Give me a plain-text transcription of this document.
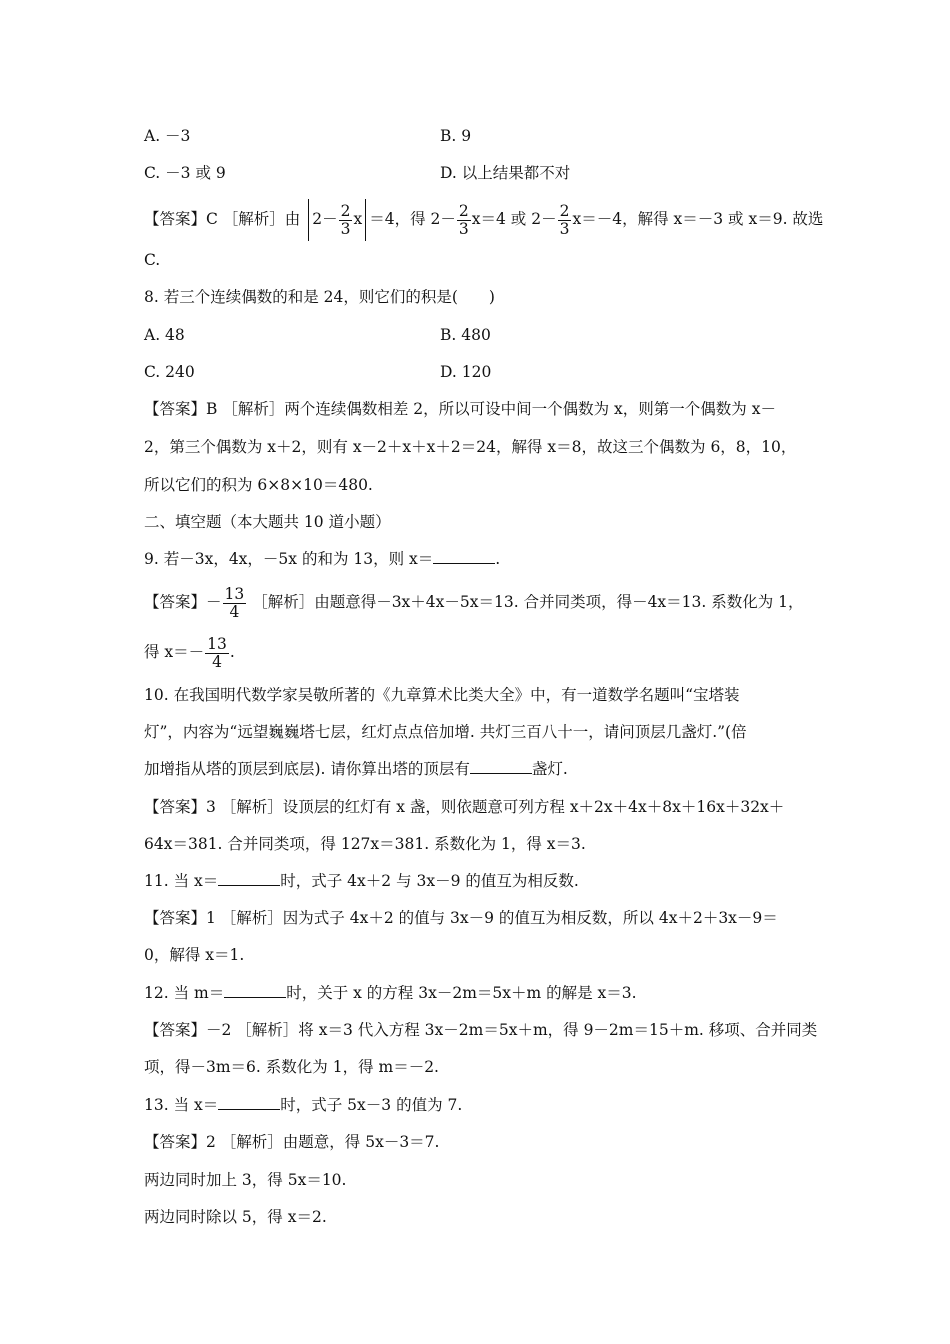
A. －3	B. 9
C. －3 或 9	D. 以上结果都不对
【答案】C ［解析］由 $2- \frac{2}{3}$ x ＝4，得 $2- \frac{2}{3} x=4$ 或 $2- \frac{2}{3} x=-4$，解得 x＝－3 或 x＝9. 故选
C.
8. 若三个连续偶数的和是 24，则它们的积是(　　)
A. 48	B. 480
C. 240	D. 120
【答案】B ［解析］两个连续偶数相差 2，所以可设中间一个偶数为 x，则第一个偶数为 x－
2，第三个偶数为 x＋2，则有 x－2＋x＋x＋2＝24，解得 x＝8，故这三个偶数为 6，8，10，
所以它们的积为 6×8×10＝480.
二、填空题（本大题共 10 道小题）
9. 若－3x，4x，－5x 的和为 13，则 x＝	.
【答案】－ $\frac{13}{4}$ ［解析］由题意得－3x＋4x－5x＝13. 合并同类项，得－4x＝13. 系数化为 1，
得 $x=- \frac{13}{4}$ .
10. 在我国明代数学家吴敬所著的《九章算术比类大全》中，有一道数学名题叫“宝塔装
灯”，内容为“远望巍巍塔七层，红灯点点倍加增. 共灯三百八十一，请问顶层几盏灯.”(倍
加增指从塔的顶层到底层). 请你算出塔的顶层有	盏灯.
【答案】3 ［解析］设顶层的红灯有 x 盏，则依题意可列方程 x＋2x＋4x＋8x＋16x＋32x＋
64x＝381. 合并同类项，得 127x＝381. 系数化为 1，得 x＝3.
11. 当 x＝	时，式子 4x＋2 与 3x－9 的值互为相反数.
【答案】1 ［解析］因为式子 4x＋2 的值与 3x－9 的值互为相反数，所以 4x＋2＋3x－9＝
0，解得 x＝1.
12. 当 m＝	时，关于 x 的方程 3x－2m＝5x＋m 的解是 x＝3.
【答案】－2 ［解析］将 x＝3 代入方程 3x－2m＝5x＋m，得 9－2m＝15＋m. 移项、合并同类
项，得－3m＝6. 系数化为 1，得 m＝－2.
13. 当 x＝	时，式子 5x－3 的值为 7.
【答案】2 ［解析］由题意，得 5x－3＝7.
两边同时加上 3，得 5x＝10.
两边同时除以 5，得 x＝2.
